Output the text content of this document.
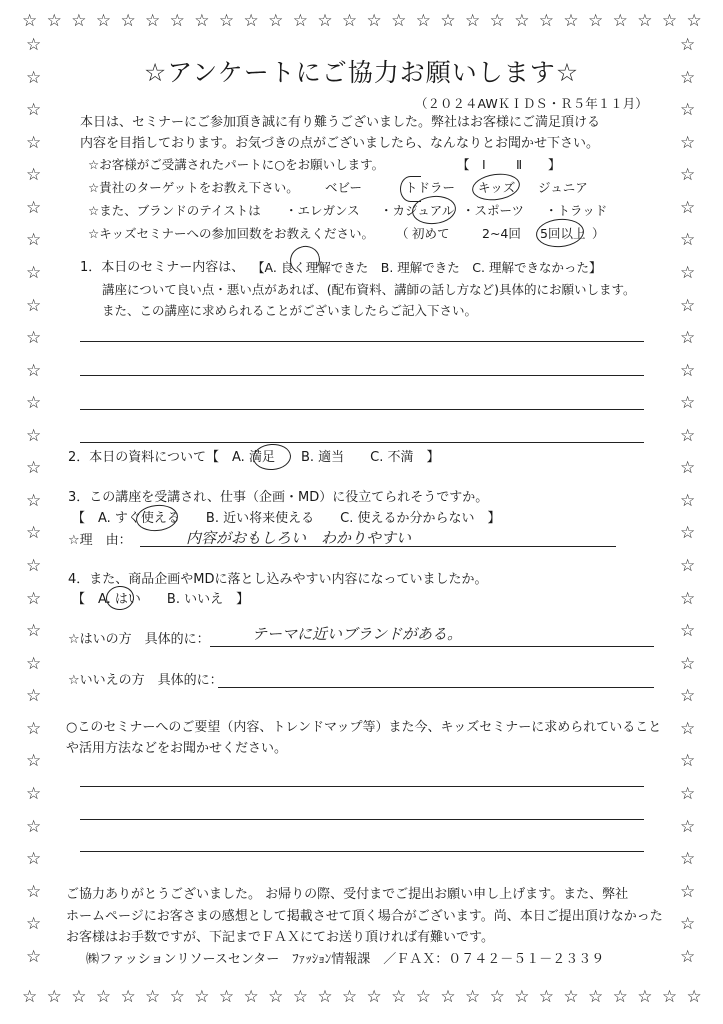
☆ ☆ ☆ ☆ ☆ ☆ ☆ ☆ ☆ ☆ ☆ ☆ ☆ ☆ ☆ ☆ ☆ ☆ ☆ ☆ ☆ ☆ ☆ ☆ ☆ ☆ ☆ ☆
☆ ☆ ☆ ☆ ☆ ☆ ☆ ☆ ☆ ☆ ☆ ☆ ☆ ☆ ☆ ☆ ☆ ☆ ☆ ☆ ☆ ☆ ☆ ☆ ☆ ☆ ☆ ☆
☆
☆
☆
☆
☆
☆
☆
☆
☆
☆
☆
☆
☆
☆
☆
☆
☆
☆
☆
☆
☆
☆
☆
☆
☆
☆
☆
☆
☆
☆
☆
☆
☆
☆
☆
☆
☆
☆
☆
☆
☆
☆
☆
☆
☆
☆
☆
☆
☆
☆
☆
☆
☆
☆
☆
☆
☆
☆
☆アンケートにご協力お願いします☆
（２０２４AWＫＩＤＳ・Ｒ５年１１月）
本日は、セミナーにご参加頂き誠に有り難うございました。弊社はお客様にご満足頂ける
内容を目指しております。お気づきの点がございましたら、なんなりとお聞かせ下さい。
☆お客様がご受講されたパートに○をお願いします。	【 Ⅰ Ⅱ 】
☆貴社のターゲットをお教え下さい。 ベビー	トドラー キッズ ジュニア
☆また、ブランドのテイストは ・エレガンス ・カジュアル ・スポーツ ・トラッド
☆キッズセミナーへの参加回数をお教えください。 （ 初めて	2~4回 5回以上 ）
1．本日のセミナー内容は、 【A. 良く理解できた　B. 理解できた　C. 理解できなかった】
講座について良い点・悪い点があれば、(配布資料、講師の話し方など)具体的にお願いします。
また、この講座に求められることがございましたらご記入下さい。
2．本日の資料について【　A. 満足　　B. 適当　　C. 不満　】
3．この講座を受講され、仕事（企画・MD）に役立てられそうですか。
【　A. すぐ使える　　B. 近い将来使える　　C. 使えるか分からない　】
☆理　由：	内容がおもしろい　わかりやすい
4．また、商品企画やMDに落とし込みやすい内容になっていましたか。
【　A. はい　　B. いいえ　】
☆はいの方　具体的に：	テーマに近いブランドがある。
☆いいえの方　具体的に：
○このセミナーへのご要望（内容、トレンドマップ等）また今、キッズセミナーに求められていること
や活用方法などをお聞かせください。
ご協力ありがとうございました。 お帰りの際、受付までご提出お願い申し上げます。また、弊社
ホームページにお客さまの感想として掲載させて頂く場合がございます。尚、本日ご提出頂けなかった
お客様はお手数ですが、下記までＦＡＸにてお送り頂ければ有難いです。
㈱ファッションリソースセンター　ﾌｧｯｼｮﾝ情報課　／ＦＡＸ：０７４２－５１－２３３９
